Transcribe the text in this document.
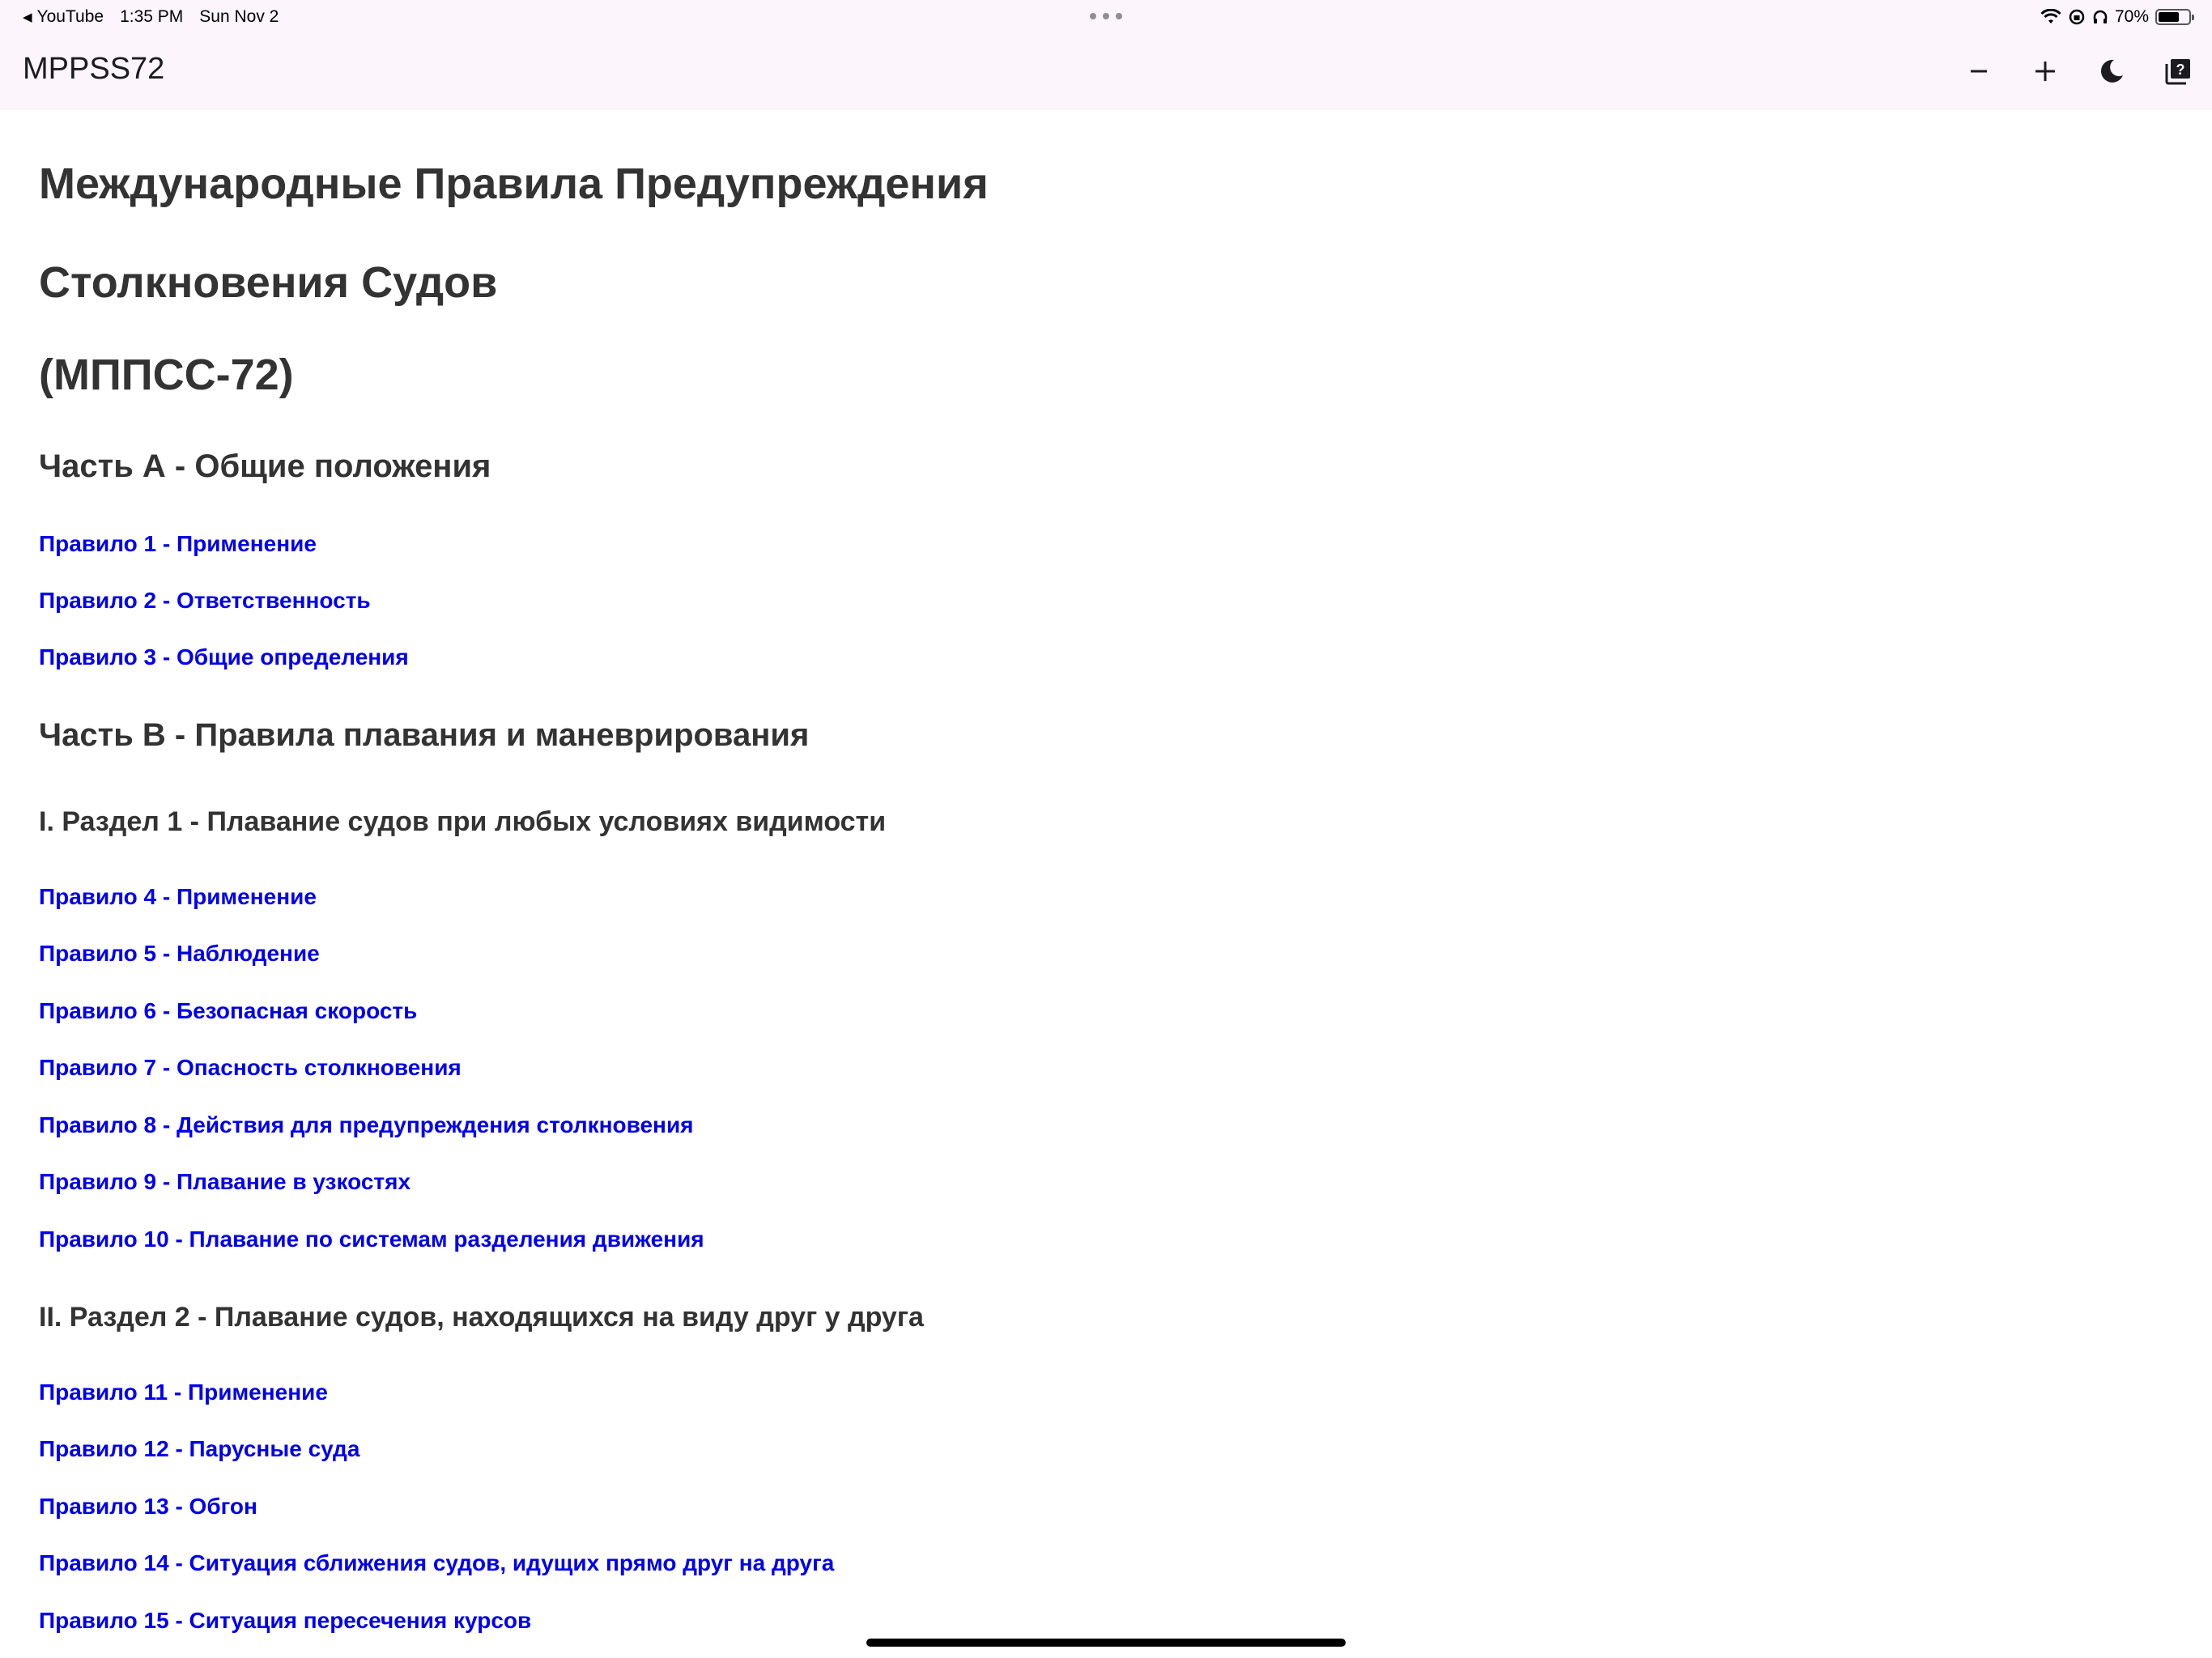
◀ YouTube 1:35 PM Sun Nov 2	70%
MPPSS72	?
Международные Правила Предупреждения
Столкновения Судов
(МППСС-72)
Часть А - Общие положения
Правило 1 - Применение
Правило 2 - Ответственность
Правило 3 - Общие определения
Часть В - Правила плавания и маневрирования
I. Раздел 1 - Плавание судов при любых условиях видимости
Правило 4 - Применение
Правило 5 - Наблюдение
Правило 6 - Безопасная скорость
Правило 7 - Опасность столкновения
Правило 8 - Действия для предупреждения столкновения
Правило 9 - Плавание в узкостях
Правило 10 - Плавание по системам разделения движения
II. Раздел 2 - Плавание судов, находящихся на виду друг у друга
Правило 11 - Применение
Правило 12 - Парусные суда
Правило 13 - Обгон
Правило 14 - Ситуация сближения судов, идущих прямо друг на друга
Правило 15 - Ситуация пересечения курсов
